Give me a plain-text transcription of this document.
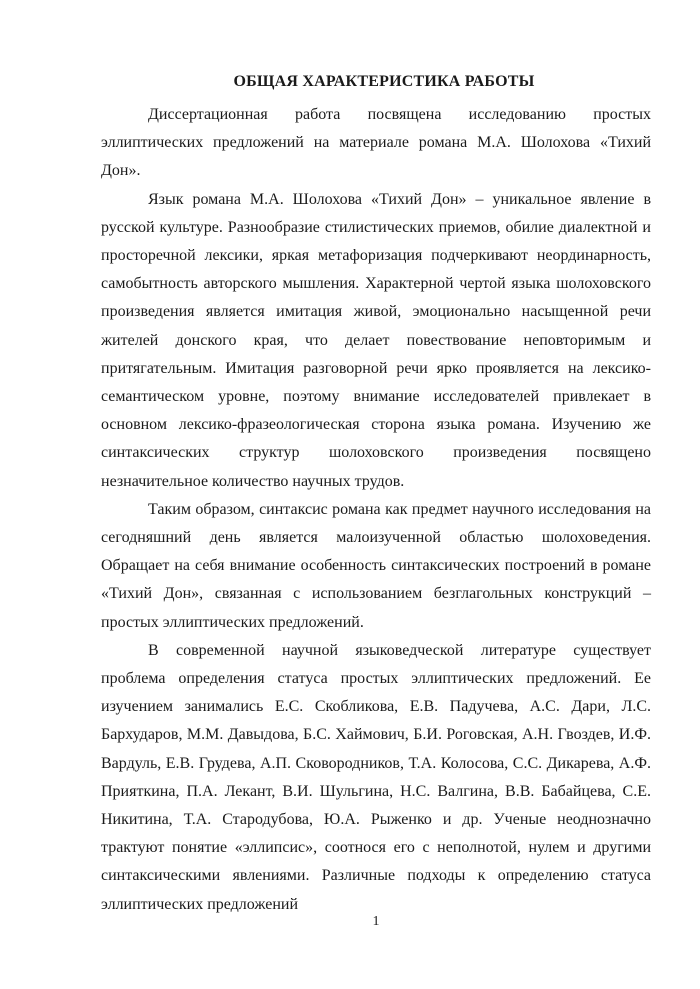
ОБЩАЯ ХАРАКТЕРИСТИКА РАБОТЫ

Диссертационная работа посвящена исследованию простых эллиптических предложений на материале романа М.А. Шолохова «Тихий Дон».

Язык романа М.А. Шолохова «Тихий Дон» – уникальное явление в русской культуре. Разнообразие стилистических приемов, обилие диалектной и просторечной лексики, яркая метафоризация подчеркивают неординарность, самобытность авторского мышления. Характерной чертой языка шолоховского произведения является имитация живой, эмоционально насыщенной речи жителей донского края, что делает повествование неповторимым и притягательным. Имитация разговорной речи ярко проявляется на лексико-семантическом уровне, поэтому внимание исследователей привлекает в основном лексико-фразеологическая сторона языка романа. Изучению же синтаксических структур шолоховского произведения посвящено незначительное количество научных трудов.

Таким образом, синтаксис романа как предмет научного исследования на сегодняшний день является малоизученной областью шолоховедения. Обращает на себя внимание особенность синтаксических построений в романе «Тихий Дон», связанная с использованием безглагольных конструкций – простых эллиптических предложений.

В современной научной языковедческой литературе существует проблема определения статуса простых эллиптических предложений. Ее изучением занимались Е.С. Скобликова, Е.В. Падучева, А.С. Дари, Л.С. Бархударов, М.М. Давыдова, Б.С. Хаймович, Б.И. Роговская, А.Н. Гвоздев, И.Ф. Вардуль, Е.В. Грудева, А.П. Сковородников, Т.А. Колосова, С.С. Дикарева, А.Ф. Прияткина, П.А. Лекант, В.И. Шульгина, Н.С. Валгина, В.В. Бабайцева, С.Е. Никитина, Т.А. Стародубова, Ю.А. Рыженко и др. Ученые неоднозначно трактуют понятие «эллипсис», соотнося его с неполнотой, нулем и другими синтаксическими явлениями. Различные подходы к определению статуса эллиптических предложений

1
